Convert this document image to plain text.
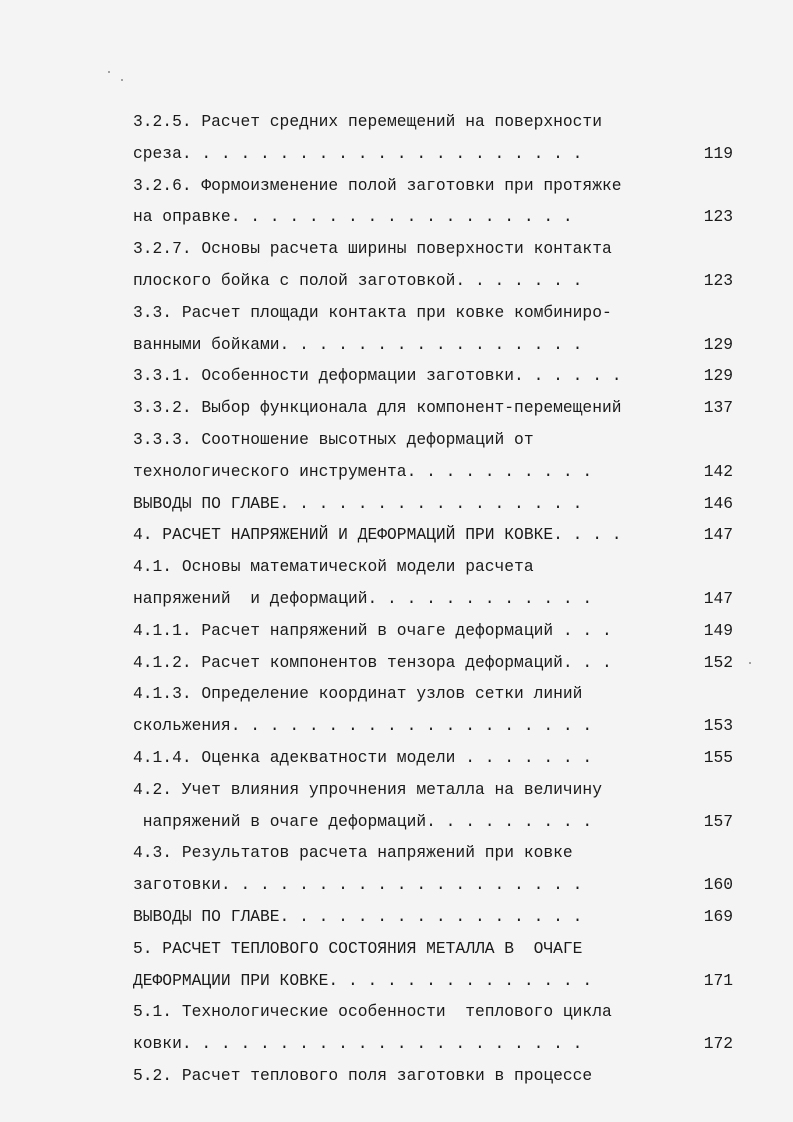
3.2.5. Расчет средних перемещений на поверхности
среза. . . . . . . . . . . . . . . . . . . . .	119
3.2.6. Формоизменение полой заготовки при протяжке
на оправке. . . . . . . . . . . . . . . . . .	123
3.2.7. Основы расчета ширины поверхности контакта
плоского бойка с полой заготовкой. . . . . . .	123
3.3. Расчет площади контакта при ковке комбиниро-
ванными бойками. . . . . . . . . . . . . . . .	129
3.3.1. Особенности деформации заготовки. . . . . .	129
3.3.2. Выбор функционала для компонент-перемещений	137
3.3.3. Соотношение высотных деформаций от
технологического инструмента. . . . . . . . . .	142
ВЫВОДЫ ПО ГЛАВЕ. . . . . . . . . . . . . . . .	146
4. РАСЧЕТ НАПРЯЖЕНИЙ И ДЕФОРМАЦИЙ ПРИ КОВКЕ. . . .	147
4.1. Основы математической модели расчета
напряжений  и деформаций. . . . . . . . . . . .	147
4.1.1. Расчет напряжений в очаге деформаций . . .	149
4.1.2. Расчет компонентов тензора деформаций. . .	152
4.1.3. Определение координат узлов сетки линий
скольжения. . . . . . . . . . . . . . . . . . .	153
4.1.4. Оценка адекватности модели . . . . . . .	155
4.2. Учет влияния упрочнения металла на величину
напряжений в очаге деформаций. . . . . . . . .	157
4.3. Результатов расчета напряжений при ковке
заготовки. . . . . . . . . . . . . . . . . . .	160
ВЫВОДЫ ПО ГЛАВЕ. . . . . . . . . . . . . . . .	169
5. РАСЧЕТ ТЕПЛОВОГО СОСТОЯНИЯ МЕТАЛЛА В  ОЧАГЕ
ДЕФОРМАЦИИ ПРИ КОВКЕ. . . . . . . . . . . . . .	171
5.1. Технологические особенности  теплового цикла
ковки. . . . . . . . . . . . . . . . . . . . .	172
5.2. Расчет теплового поля заготовки в процессе
